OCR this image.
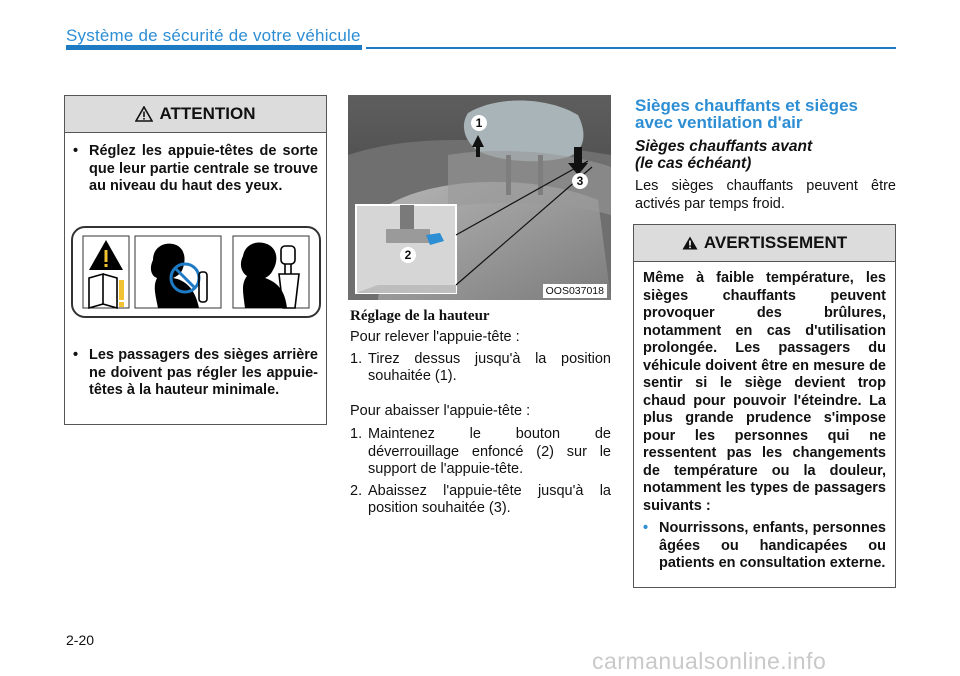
Système de sécurité de votre véhicule
ATTENTION
• Réglez les appuie-têtes de sorte que leur partie centrale se trouve au niveau du haut des yeux.
• Les passagers des sièges arrière ne doivent pas régler les appuie-têtes à la hauteur minimale.
1
2
3
OOS037018
Réglage de la hauteur
Pour relever l'appuie-tête :
1. Tirez dessus jusqu'à la position souhaitée (1).
Pour abaisser l'appuie-tête :
1. Maintenez le bouton de déverrouillage enfoncé (2) sur le support de l'appuie-tête.
2. Abaissez l'appuie-tête jusqu'à la position souhaitée (3).
Sièges chauffants et sièges
avec ventilation d'air
Sièges chauffants avant
(le cas échéant)
Les sièges chauffants peuvent être activés par temps froid.
AVERTISSEMENT
Même à faible température, les sièges chauffants peuvent provoquer des brûlures, notamment en cas d'utilisation prolongée. Les passagers du véhicule doivent être en mesure de sentir si le siège devient trop chaud pour pouvoir l'éteindre. La plus grande prudence s'impose pour les personnes qui ne ressentent pas les changements de température ou la douleur, notamment les types de passagers suivants :
• Nourrissons, enfants, personnes âgées ou handicapées ou patients en consultation externe.
2-20
carmanualsonline.info
